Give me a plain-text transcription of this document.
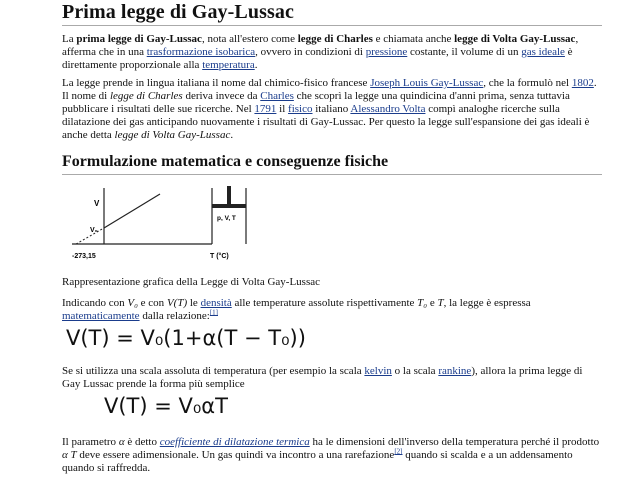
Prima legge di Gay-Lussac

La prima legge di Gay-Lussac, nota all'estero come legge di Charles e chiamata anche legge di Volta Gay-Lussac, afferma che in una trasformazione isobarica, ovvero in condizioni di pressione costante, il volume di un gas ideale è direttamente proporzionale alla temperatura.

La legge prende in lingua italiana il nome dal chimico-fisico francese Joseph Louis Gay-Lussac, che la formulò nel 1802. Il nome di legge di Charles deriva invece da Charles che scoprì la legge una quindicina d'anni prima, senza tuttavia pubblicare i risultati delle sue ricerche. Nel 1791 il fisico italiano Alessandro Volta compì analoghe ricerche sulla dilatazione dei gas anticipando nuovamente i risultati di Gay-Lussac. Per questo la legge sull'espansione dei gas ideali è anche detta legge di Volta Gay-Lussac.

Formulazione matematica e conseguenze fisiche
V
V₀
-273,15
p, V, T
T (°C)

Rappresentazione grafica della Legge di Volta Gay-Lussac

Indicando con V₀ e con V(T) le densità alle temperature assolute rispettivamente T₀ e T, la legge è espressa matematicamente dalla relazione:[1]

V(T) = V₀(1+α(T − T₀))

Se si utilizza una scala assoluta di temperatura (per esempio la scala kelvin o la scala rankine), allora la prima legge di Gay Lussac prende la forma più semplice

V(T) = V₀αT

Il parametro α è detto coefficiente di dilatazione termica ha le dimensioni dell'inverso della temperatura perché il prodotto α T deve essere adimensionale. Un gas quindi va incontro a una rarefazione[2] quando si scalda e a un addensamento quando si raffredda.
